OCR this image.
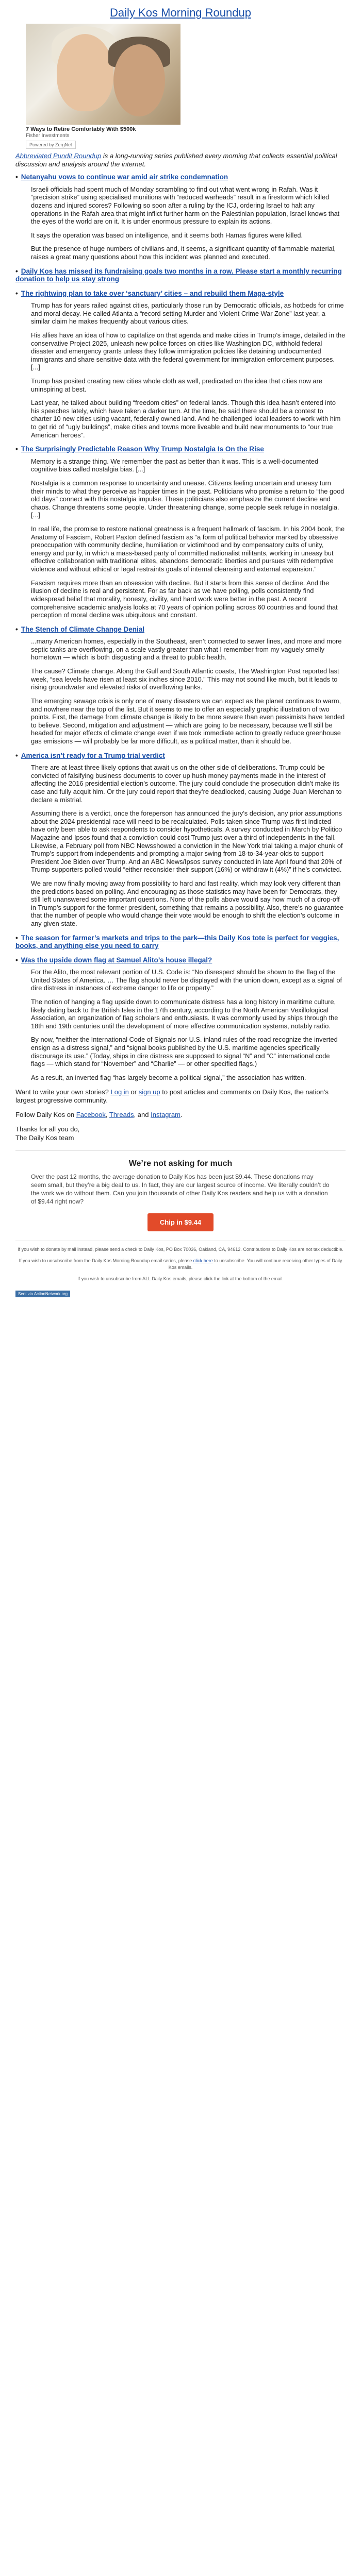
Daily Kos Morning Roundup
7 Ways to Retire Comfortably With $500k
Fisher Investments
Powered by ZergNet
Abbreviated Pundit Roundup is a long-running series published every morning that collects essential political discussion and analysis around the internet.
• Netanyahu vows to continue war amid air strike condemnation

Israeli officials had spent much of Monday scrambling to find out what went wrong in Rafah. Was it “precision strike” using specialised munitions with “reduced warheads” result in a firestorm which killed dozens and injured scores? Following so soon after a ruling by the ICJ, ordering Israel to halt any operations in the Rafah area that might inflict further harm on the Palestinian population, Israel knows that the eyes of the world are on it. It is under enormous pressure to explain its actions.

It says the operation was based on intelligence, and it seems both Hamas figures were killed.

But the presence of huge numbers of civilians and, it seems, a significant quantity of flammable material, raises a great many questions about how this incident was planned and executed.

• Daily Kos has missed its fundraising goals two months in a row. Please start a monthly recurring donation to help us stay strong
• The rightwing plan to take over ‘sanctuary’ cities – and rebuild them Maga-style

Trump has for years railed against cities, particularly those run by Democratic officials, as hotbeds for crime and moral decay. He called Atlanta a “record setting Murder and Violent Crime War Zone” last year, a similar claim he makes frequently about various cities.

His allies have an idea of how to capitalize on that agenda and make cities in Trump’s image, detailed in the conservative Project 2025, unleash new police forces on cities like Washington DC, withhold federal disaster and emergency grants unless they follow immigration policies like detaining undocumented immigrants and share sensitive data with the federal government for immigration enforcement purposes. [...]

Trump has posited creating new cities whole cloth as well, predicated on the idea that cities now are uninspiring at best.

Last year, he talked about building “freedom cities” on federal lands. Though this idea hasn’t entered into his speeches lately, which have taken a darker turn. At the time, he said there should be a contest to charter 10 new cities using vacant, federally owned land. And he challenged local leaders to work with him to get rid of “ugly buildings”, make cities and towns more liveable and build new monuments to “our true American heroes”.

• The Surprisingly Predictable Reason Why Trump Nostalgia Is On the Rise

Memory is a strange thing. We remember the past as better than it was. This is a well-documented cognitive bias called nostalgia bias. [...]

Nostalgia is a common response to uncertainty and unease. Citizens feeling uncertain and uneasy turn their minds to what they perceive as happier times in the past. Politicians who promise a return to “the good old days” connect with this nostalgia impulse. These politicians also emphasize the current decline and chaos. Change threatens some people. Under threatening change, some people seek refuge in nostalgia. [...]

In real life, the promise to restore national greatness is a frequent hallmark of fascism. In his 2004 book, the Anatomy of Fascism, Robert Paxton defined fascism as “a form of political behavior marked by obsessive preoccupation with community decline, humiliation or victimhood and by compensatory cults of unity, energy and purity, in which a mass-based party of committed nationalist militants, working in uneasy but effective collaboration with traditional elites, abandons democratic liberties and pursues with redemptive violence and without ethical or legal restraints goals of internal cleansing and external expansion.”

Fascism requires more than an obsession with decline. But it starts from this sense of decline. And the illusion of decline is real and persistent. For as far back as we have polling, polls consistently find widespread belief that morality, honesty, civility, and hard work were better in the past. A recent comprehensive academic analysis looks at 70 years of opinion polling across 60 countries and found that perception of moral decline was ubiquitous and constant.

• The Stench of Climate Change Denial

...many American homes, especially in the Southeast, aren’t connected to sewer lines, and more and more septic tanks are overflowing, on a scale vastly greater than what I remember from my vaguely smelly hometown — which is both disgusting and a threat to public health.

The cause? Climate change. Along the Gulf and South Atlantic coasts, The Washington Post reported last week, “sea levels have risen at least six inches since 2010.” This may not sound like much, but it leads to rising groundwater and elevated risks of overflowing tanks.

The emerging sewage crisis is only one of many disasters we can expect as the planet continues to warm, and nowhere near the top of the list. But it seems to me to offer an especially graphic illustration of two points. First, the damage from climate change is likely to be more severe than even pessimists have tended to believe. Second, mitigation and adjustment — which are going to be necessary, because we’ll still be headed for major effects of climate change even if we took immediate action to greatly reduce greenhouse gas emissions — will probably be far more difficult, as a political matter, than it should be.

• America isn’t ready for a Trump trial verdict

There are at least three likely options that await us on the other side of deliberations. Trump could be convicted of falsifying business documents to cover up hush money payments made in the interest of affecting the 2016 presidential election’s outcome. The jury could conclude the prosecution didn’t make its case and fully acquit him. Or the jury could report that they’re deadlocked, causing Judge Juan Merchan to declare a mistrial.

Assuming there is a verdict, once the foreperson has announced the jury’s decision, any prior assumptions about the 2024 presidential race will need to be recalculated. Polls taken since Trump was first indicted have only been able to ask respondents to consider hypotheticals. A survey conducted in March by Politico Magazine and Ipsos found that a conviction could cost Trump just over a third of independents in the fall. Likewise, a February poll from NBC Newsshowed a conviction in the New York trial taking a major chunk of Trump’s support from independents and prompting a major swing from 18-to-34-year-olds to support President Joe Biden over Trump. And an ABC News/Ipsos survey conducted in late April found that 20% of Trump supporters polled would “either reconsider their support (16%) or withdraw it (4%)” if he’s convicted.

We are now finally moving away from possibility to hard and fast reality, which may look very different than the predictions based on polling. And encouraging as those statistics may have been for Democrats, they still left unanswered some important questions. None of the polls above would say how much of a drop-off in Trump’s support for the former president, something that remains a possibility. Also, there’s no guarantee that the number of people who would change their vote would be enough to shift the election’s outcome in any given state.

• The season for farmer’s markets and trips to the park—this Daily Kos tote is perfect for veggies, books, and anything else you need to carry
• Was the upside down flag at Samuel Alito’s house illegal?

For the Alito, the most relevant portion of U.S. Code is: “No disrespect should be shown to the flag of the United States of America. … The flag should never be displayed with the union down, except as a signal of dire distress in instances of extreme danger to life or property.”

The notion of hanging a flag upside down to communicate distress has a long history in maritime culture, likely dating back to the British Isles in the 17th century, according to the North American Vexillological Association, an organization of flag scholars and enthusiasts. It was commonly used by ships through the 18th and 19th centuries until the development of more effective communication systems, notably radio.

By now, “neither the International Code of Signals nor U.S. inland rules of the road recognize the inverted ensign as a distress signal,” and “signal books published by the U.S. maritime agencies specifically discourage its use.” (Today, ships in dire distress are supposed to signal “N” and “C” international code flags — which stand for “November” and “Charlie” — or other specified flags.)

As a result, an inverted flag “has largely become a political signal,” the association has written.

Want to write your own stories? Log in or sign up to post articles and comments on Daily Kos, the nation’s largest progressive community.

Follow Daily Kos on Facebook, Threads, and Instagram.

Thanks for all you do,
The Daily Kos team

We’re not asking for much
Over the past 12 months, the average donation to Daily Kos has been just $9.44. These donations may seem small, but they’re a big deal to us. In fact, they are our largest source of income. We literally couldn’t do the work we do without them. Can you join thousands of other Daily Kos readers and help us with a donation of $9.44 right now?
Chip in $9.44
If you wish to donate by mail instead, please send a check to Daily Kos, PO Box 70036, Oakland, CA, 94612. Contributions to Daily Kos are not tax deductible.
If you wish to unsubscribe from the Daily Kos Morning Roundup email series, please click here to unsubscribe. You will continue receiving other types of Daily Kos emails.
If you wish to unsubscribe from ALL Daily Kos emails, please click the link at the bottom of the email.
Sent via ActionNetwork.org
